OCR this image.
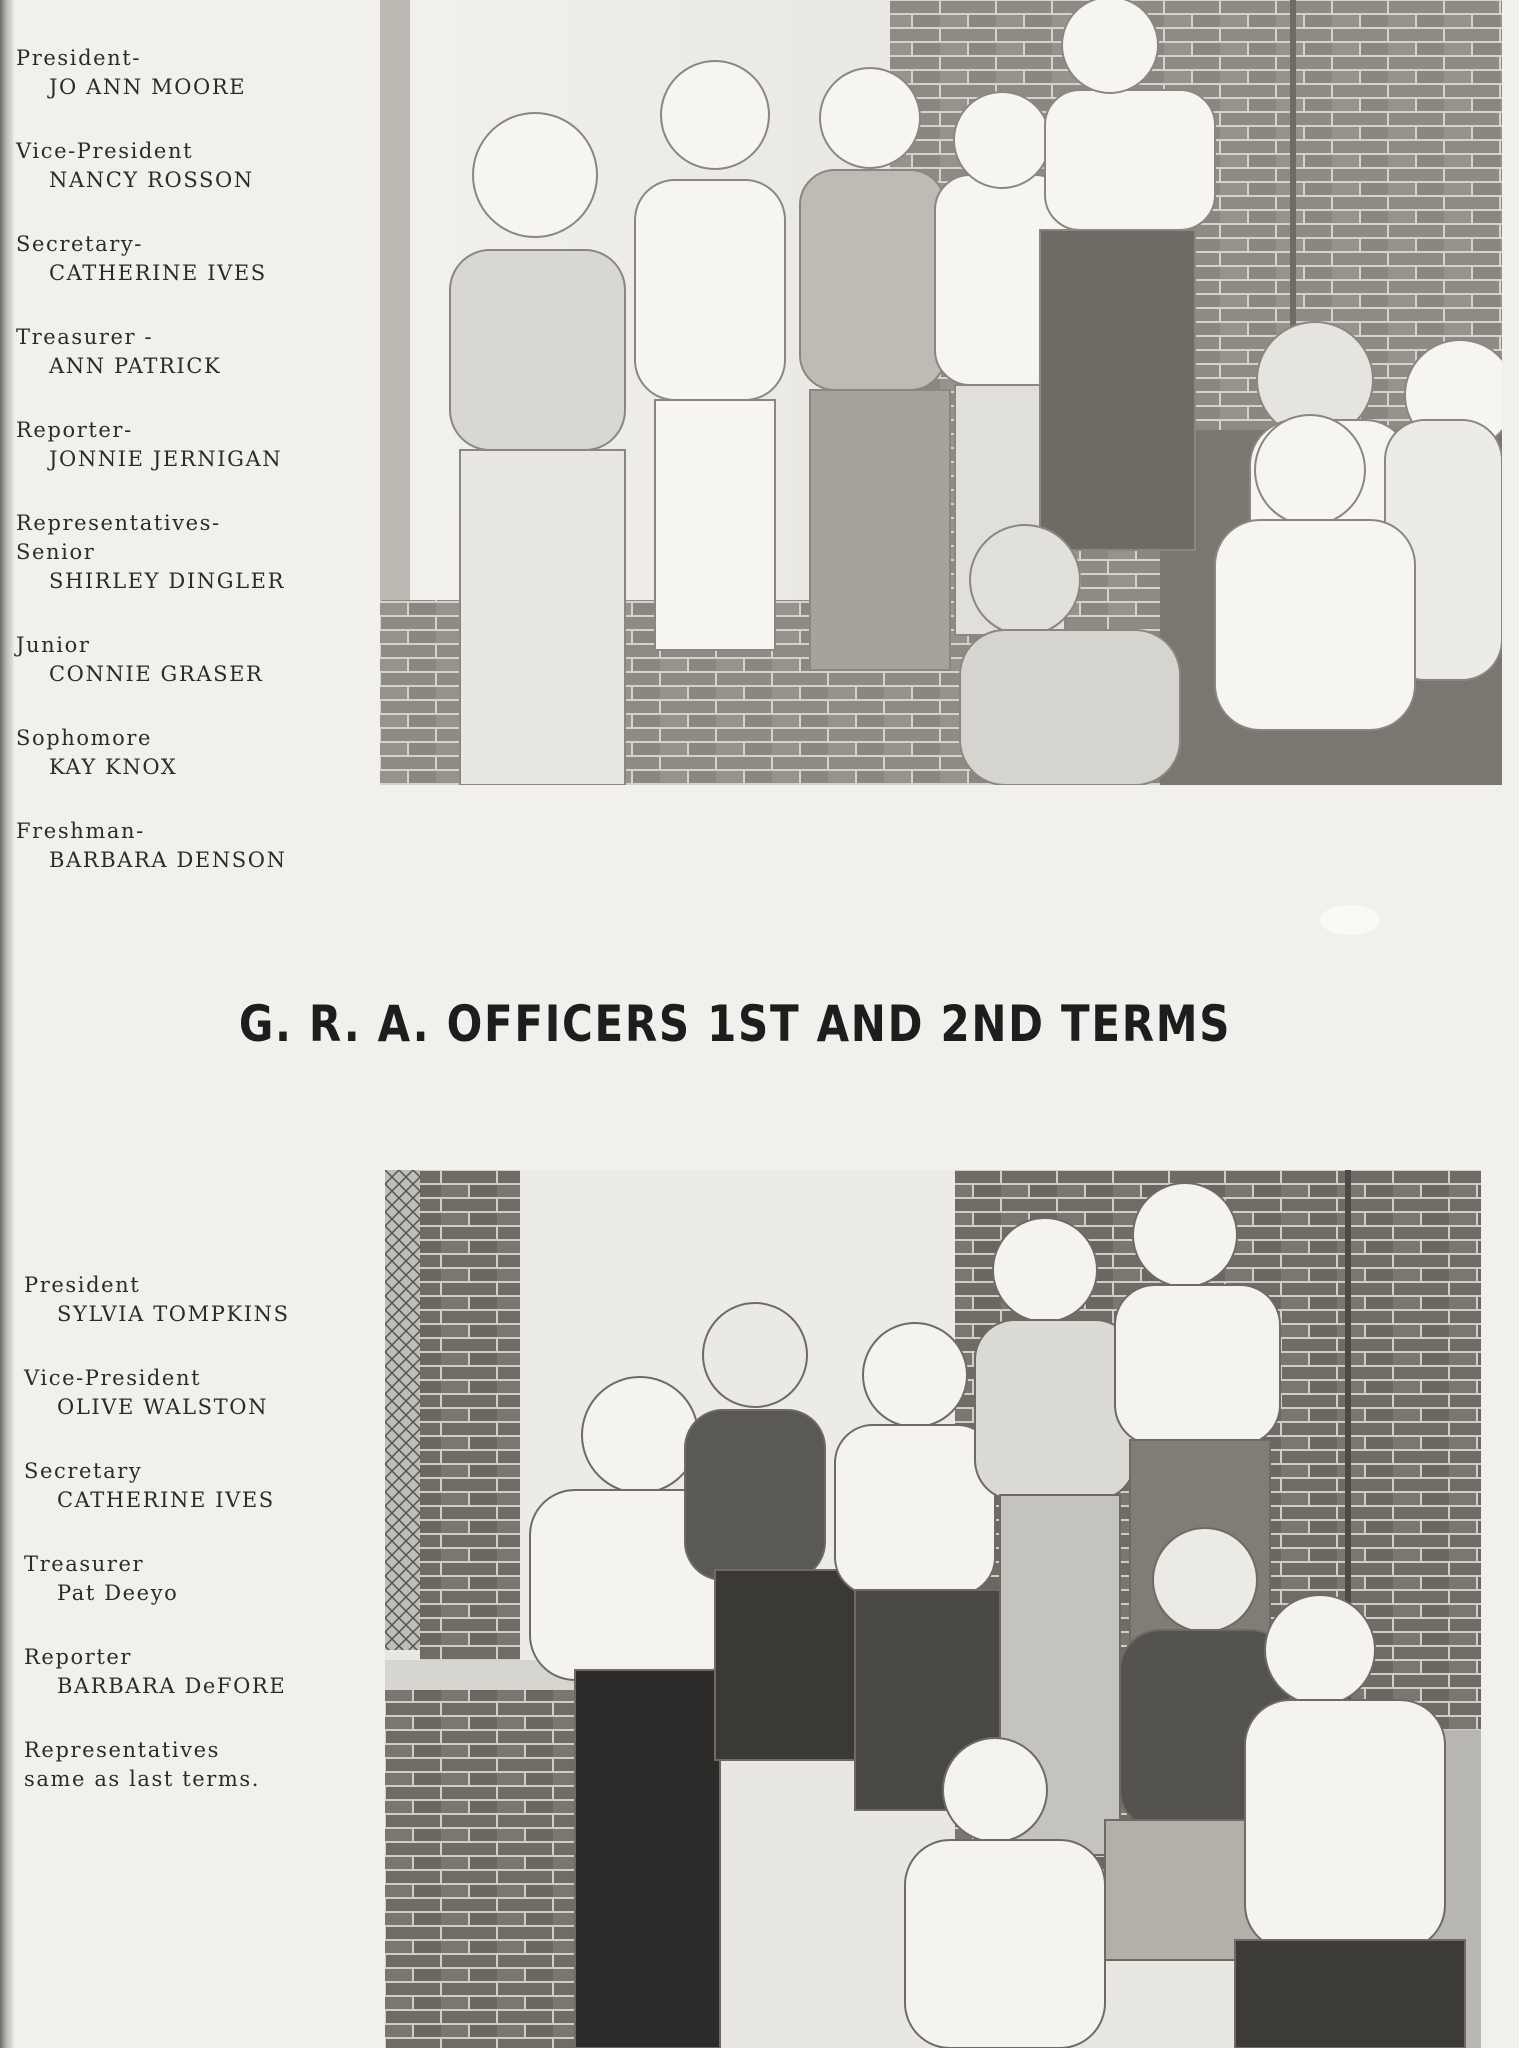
President-
JO ANN MOORE
Vice-President
NANCY ROSSON
Secretary-
CATHERINE IVES
Treasurer -
ANN PATRICK
Reporter-
JONNIE JERNIGAN
Representatives-
Senior
SHIRLEY DINGLER
Junior
CONNIE GRASER
Sophomore
KAY KNOX
Freshman-
BARBARA DENSON
G. R. A. OFFICERS 1ST AND 2ND TERMS
President
SYLVIA TOMPKINS
Vice-President
OLIVE WALSTON
Secretary
CATHERINE IVES
Treasurer
Pat Deeyo
Reporter
BARBARA DeFORE
Representatives
same as last terms.
